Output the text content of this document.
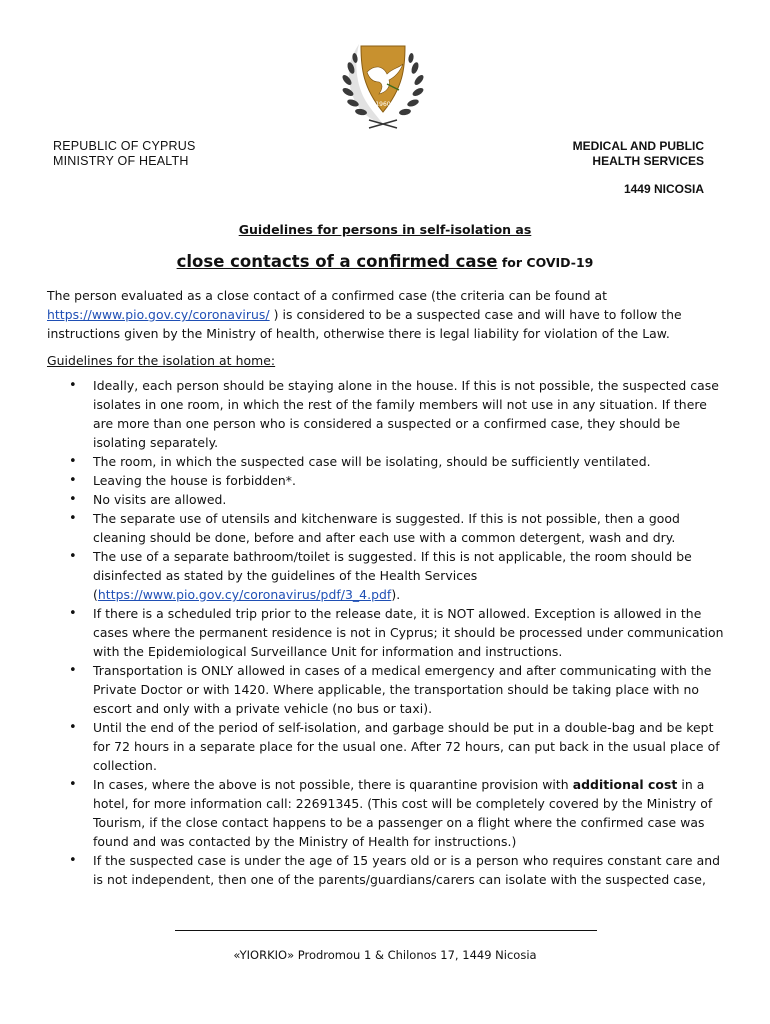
1960
REPUBLIC OF CYPRUS
MINISTRY OF HEALTH
MEDICAL AND PUBLIC
HEALTH SERVICES
1449 NICOSIA
Guidelines for persons in self-isolation as
close contacts of a confirmed case for COVID-19

The person evaluated as a close contact of a confirmed case (the criteria can be found at https://www.pio.gov.cy/coronavirus/ ) is considered to be a suspected case and will have to follow the instructions given by the Ministry of health, otherwise there is legal liability for violation of the Law.

Guidelines for the isolation at home:

• Ideally, each person should be staying alone in the house. If this is not possible, the suspected case isolates in one room, in which the rest of the family members will not use in any situation. If there are more than one person who is considered a suspected or a confirmed case, they should be isolating separately.
• The room, in which the suspected case will be isolating, should be sufficiently ventilated.
• Leaving the house is forbidden*.
• No visits are allowed.
• The separate use of utensils and kitchenware is suggested. If this is not possible, then a good cleaning should be done, before and after each use with a common detergent, wash and dry.
• The use of a separate bathroom/toilet is suggested. If this is not applicable, the room should be disinfected as stated by the guidelines of the Health Services (https://www.pio.gov.cy/coronavirus/pdf/3_4.pdf).
• If there is a scheduled trip prior to the release date, it is NOT allowed. Exception is allowed in the cases where the permanent residence is not in Cyprus; it should be processed under communication with the Epidemiological Surveillance Unit for information and instructions.
• Transportation is ONLY allowed in cases of a medical emergency and after communicating with the Private Doctor or with 1420. Where applicable, the transportation should be taking place with no escort and only with a private vehicle (no bus or taxi).
• Until the end of the period of self-isolation, and garbage should be put in a double-bag and be kept for 72 hours in a separate place for the usual one. After 72 hours, can put back in the usual place of collection.
• In cases, where the above is not possible, there is quarantine provision with additional cost in a hotel, for more information call: 22691345. (This cost will be completely covered by the Ministry of Tourism, if the close contact happens to be a passenger on a flight where the confirmed case was found and was contacted by the Ministry of Health for instructions.)
• If the suspected case is under the age of 15 years old or is a person who requires constant care and is not independent, then one of the parents/guardians/carers can isolate with the suspected case,
«YIORKIO» Prodromou 1 & Chilonos 17, 1449 Nicosia
